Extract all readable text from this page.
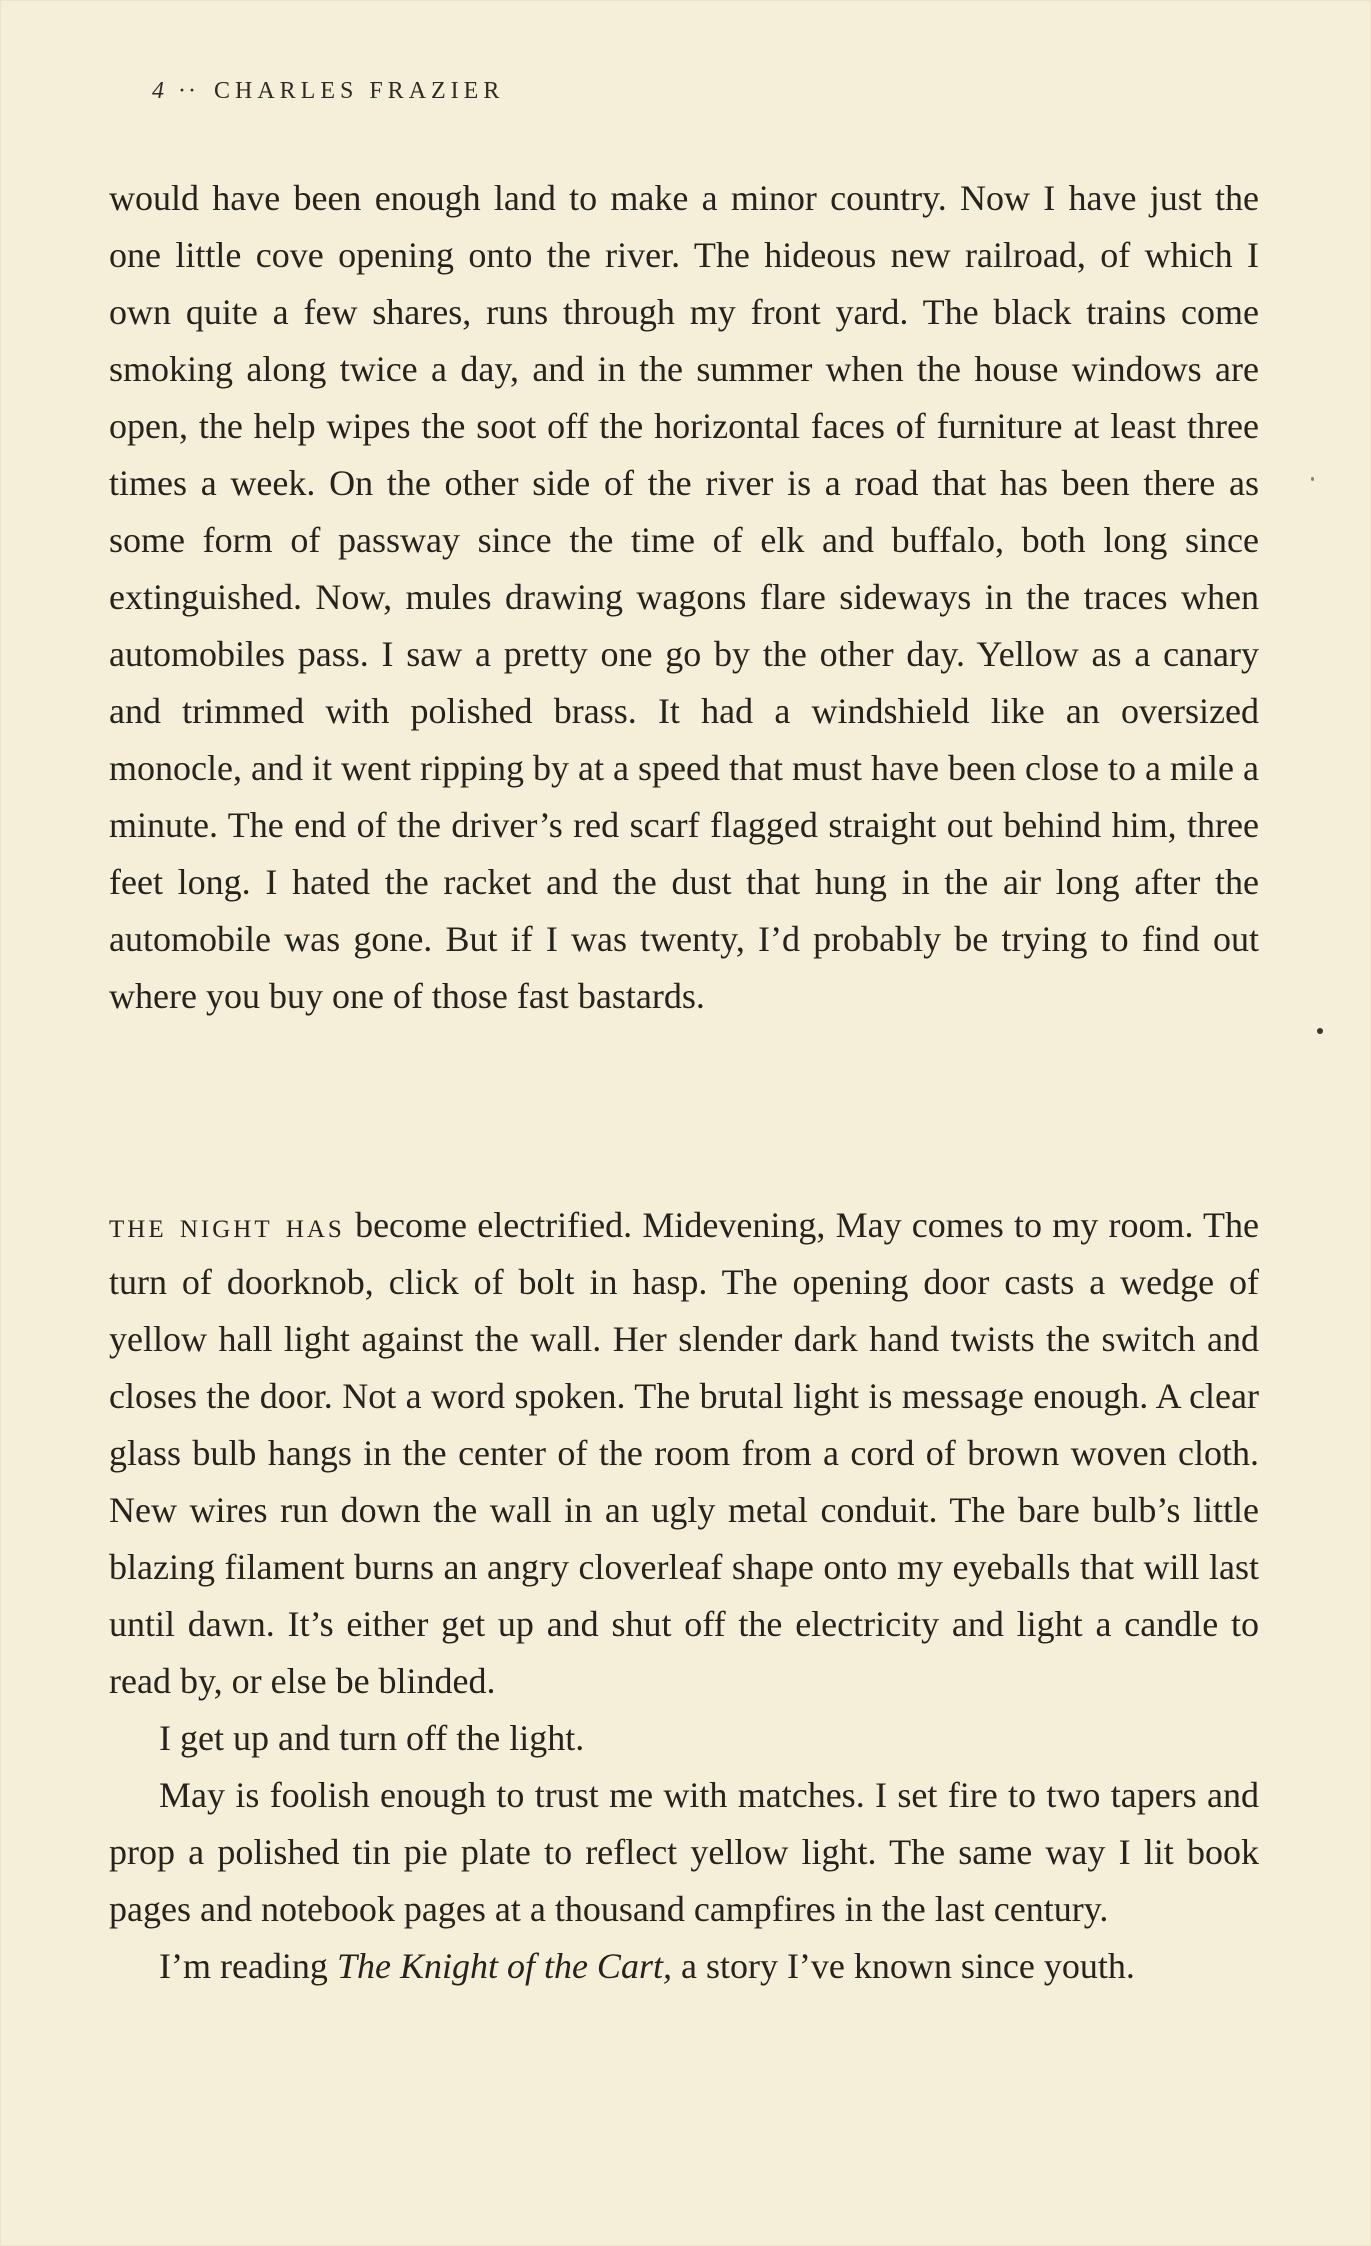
4 ·· CHARLES FRAZIER

would have been enough land to make a minor country. Now I have just the one little cove opening onto the river. The hideous new railroad, of which I own quite a few shares, runs through my front yard. The black trains come smoking along twice a day, and in the summer when the house windows are open, the help wipes the soot off the horizontal faces of furniture at least three times a week. On the other side of the river is a road that has been there as some form of passway since the time of elk and buffalo, both long since extinguished. Now, mules drawing wagons flare sideways in the traces when automobiles pass. I saw a pretty one go by the other day. Yellow as a canary and trimmed with polished brass. It had a windshield like an oversized monocle, and it went ripping by at a speed that must have been close to a mile a minute. The end of the driver’s red scarf flagged straight out behind him, three feet long. I hated the racket and the dust that hung in the air long after the automobile was gone. But if I was twenty, I’d probably be trying to find out where you buy one of those fast bastards.

the night has become electrified. Midevening, May comes to my room. The turn of doorknob, click of bolt in hasp. The opening door casts a wedge of yellow hall light against the wall. Her slender dark hand twists the switch and closes the door. Not a word spoken. The brutal light is message enough. A clear glass bulb hangs in the center of the room from a cord of brown woven cloth. New wires run down the wall in an ugly metal conduit. The bare bulb’s little blazing filament burns an angry cloverleaf shape onto my eyeballs that will last until dawn. It’s either get up and shut off the electricity and light a candle to read by, or else be blinded.

I get up and turn off the light.

May is foolish enough to trust me with matches. I set fire to two tapers and prop a polished tin pie plate to reflect yellow light. The same way I lit book pages and notebook pages at a thousand campfires in the last century.

I’m reading The Knight of the Cart, a story I’ve known since youth.
